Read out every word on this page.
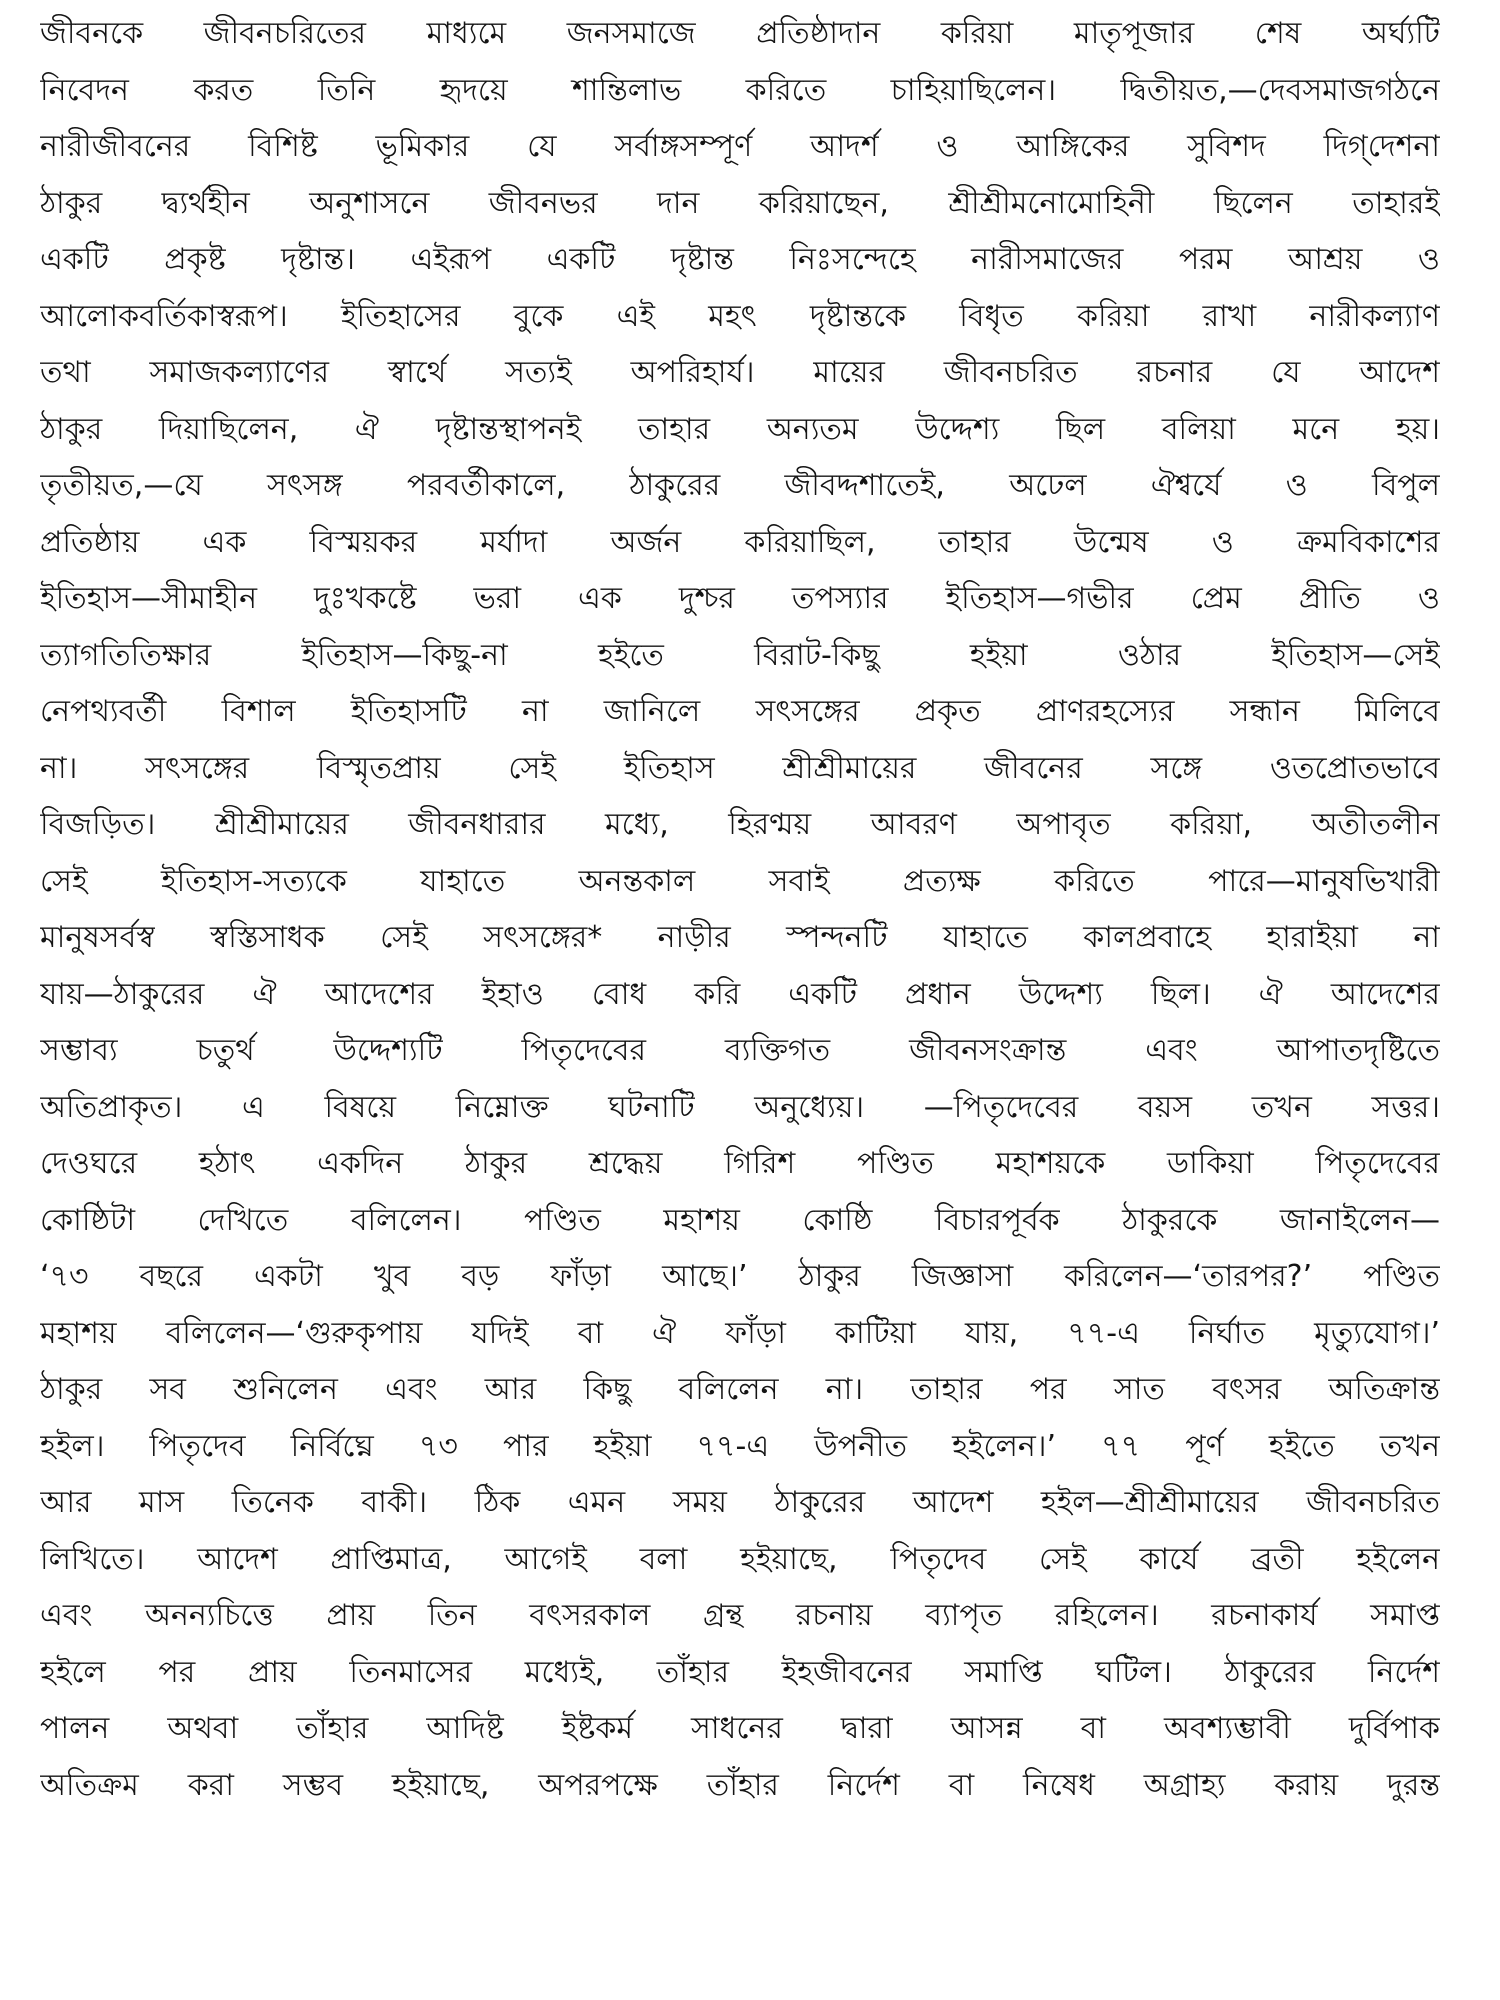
জীবনকে জীবনচরিতের মাধ্যমে জনসমাজে প্রতিষ্ঠাদান করিয়া মাতৃপূজার শেষ অর্ঘ্যটি
নিবেদন করত তিনি হৃদয়ে শান্তিলাভ করিতে চাহিয়াছিলেন। দ্বিতীয়ত,—দেবসমাজগঠনে
নারীজীবনের বিশিষ্ট ভূমিকার যে সর্বাঙ্গসম্পূর্ণ আদর্শ ও আঙ্গিকের সুবিশদ দিগ্‌দেশনা
ঠাকুর দ্ব্যর্থহীন অনুশাসনে জীবনভর দান করিয়াছেন, শ্রীশ্রীমনোমোহিনী ছিলেন তাহারই
একটি প্রকৃষ্ট দৃষ্টান্ত। এইরূপ একটি দৃষ্টান্ত নিঃসন্দেহে নারীসমাজের পরম আশ্রয় ও
আলোকবর্তিকাস্বরূপ। ইতিহাসের বুকে এই মহৎ দৃষ্টান্তকে বিধৃত করিয়া রাখা নারীকল্যাণ
তথা সমাজকল্যাণের স্বার্থে সত্যই অপরিহার্য। মায়ের জীবনচরিত রচনার যে আদেশ
ঠাকুর দিয়াছিলেন, ঐ দৃষ্টান্তস্থাপনই তাহার অন্যতম উদ্দেশ্য ছিল বলিয়া মনে হয়।
তৃতীয়ত,—যে সৎসঙ্গ পরবর্তীকালে, ঠাকুরের জীবদ্দশাতেই, অঢেল ঐশ্বর্যে ও বিপুল
প্রতিষ্ঠায় এক বিস্ময়কর মর্যাদা অর্জন করিয়াছিল, তাহার উন্মেষ ও ক্রমবিকাশের
ইতিহাস—সীমাহীন দুঃখকষ্টে ভরা এক দুশ্চর তপস্যার ইতিহাস—গভীর প্রেম প্রীতি ও
ত্যাগতিতিক্ষার ইতিহাস—কিছু-না হইতে বিরাট-কিছু হইয়া ওঠার ইতিহাস—সেই
নেপথ্যবর্তী বিশাল ইতিহাসটি না জানিলে সৎসঙ্গের প্রকৃত প্রাণরহস্যের সন্ধান মিলিবে
না। সৎসঙ্গের বিস্মৃতপ্রায় সেই ইতিহাস শ্রীশ্রীমায়ের জীবনের সঙ্গে ওতপ্রোতভাবে
বিজড়িত। শ্রীশ্রীমায়ের জীবনধারার মধ্যে, হিরণ্ময় আবরণ অপাবৃত করিয়া, অতীতলীন
সেই ইতিহাস-সত্যকে যাহাতে অনন্তকাল সবাই প্রত্যক্ষ করিতে পারে—মানুষভিখারী
মানুষসর্বস্ব স্বস্তিসাধক সেই সৎসঙ্গের* নাড়ীর স্পন্দনটি যাহাতে কালপ্রবাহে হারাইয়া না
যায়—ঠাকুরের ঐ আদেশের ইহাও বোধ করি একটি প্রধান উদ্দেশ্য ছিল। ঐ আদেশের
সম্ভাব্য চতুর্থ উদ্দেশ্যটি পিতৃদেবের ব্যক্তিগত জীবনসংক্রান্ত এবং আপাতদৃষ্টিতে
অতিপ্রাকৃত। এ বিষয়ে নিম্নোক্ত ঘটনাটি অনুধ্যেয়। —পিতৃদেবের বয়স তখন সত্তর।
দেওঘরে হঠাৎ একদিন ঠাকুর শ্রদ্ধেয় গিরিশ পণ্ডিত মহাশয়কে ডাকিয়া পিতৃদেবের
কোষ্ঠিটা দেখিতে বলিলেন। পণ্ডিত মহাশয় কোষ্ঠি বিচারপূর্বক ঠাকুরকে জানাইলেন—
‘৭৩ বছরে একটা খুব বড় ফাঁড়া আছে।’ ঠাকুর জিজ্ঞাসা করিলেন—‘তারপর?’ পণ্ডিত
মহাশয় বলিলেন—‘গুরুকৃপায় যদিই বা ঐ ফাঁড়া কাটিয়া যায়, ৭৭-এ নির্ঘাত মৃত্যুযোগ।’
ঠাকুর সব শুনিলেন এবং আর কিছু বলিলেন না। তাহার পর সাত বৎসর অতিক্রান্ত
হইল। পিতৃদেব নির্বিঘ্নে ৭৩ পার হইয়া ৭৭-এ উপনীত হইলেন।’ ৭৭ পূর্ণ হইতে তখন
আর মাস তিনেক বাকী। ঠিক এমন সময় ঠাকুরের আদেশ হইল—শ্রীশ্রীমায়ের জীবনচরিত
লিখিতে। আদেশ প্রাপ্তিমাত্র, আগেই বলা হইয়াছে, পিতৃদেব সেই কার্যে ব্রতী হইলেন
এবং অনন্যচিত্তে প্রায় তিন বৎসরকাল গ্রন্থ রচনায় ব্যাপৃত রহিলেন। রচনাকার্য সমাপ্ত
হইলে পর প্রায় তিনমাসের মধ্যেই, তাঁহার ইহজীবনের সমাপ্তি ঘটিল। ঠাকুরের নির্দেশ
পালন অথবা তাঁহার আদিষ্ট ইষ্টকর্ম সাধনের দ্বারা আসন্ন বা অবশ্যম্ভাবী দুর্বিপাক
অতিক্রম করা সম্ভব হইয়াছে, অপরপক্ষে তাঁহার নির্দেশ বা নিষেধ অগ্রাহ্য করায় দুরন্ত
